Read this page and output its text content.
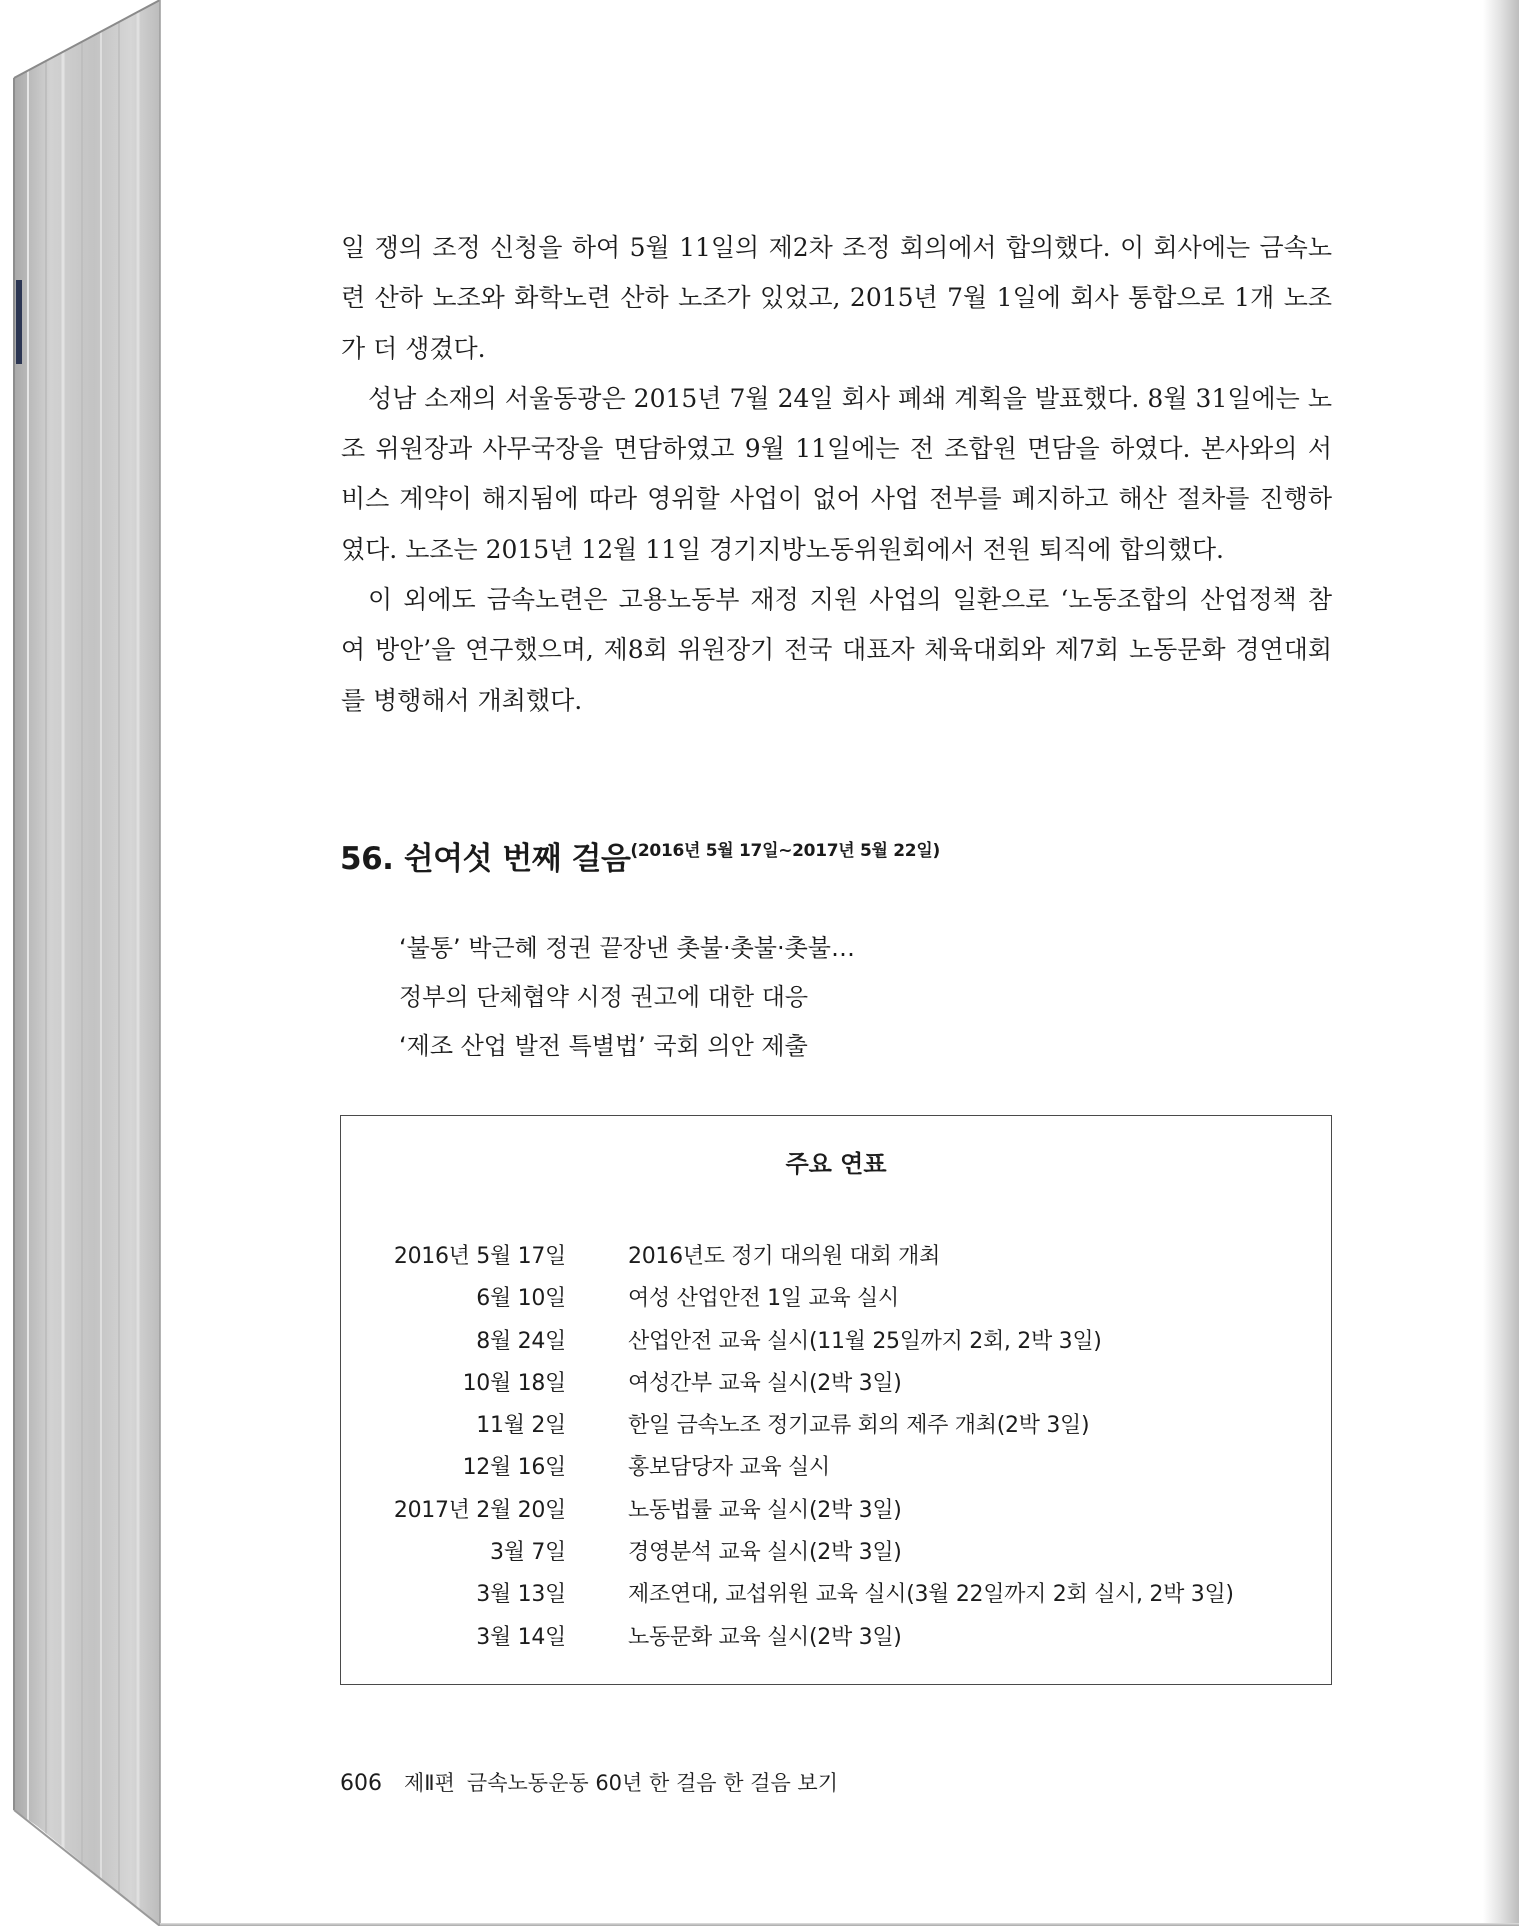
일 쟁의 조정 신청을 하여 5월 11일의 제2차 조정 회의에서 합의했다. 이 회사에는 금속노
련 산하 노조와 화학노련 산하 노조가 있었고, 2015년 7월 1일에 회사 통합으로 1개 노조
가 더 생겼다.
성남 소재의 서울동광은 2015년 7월 24일 회사 폐쇄 계획을 발표했다. 8월 31일에는 노
조 위원장과 사무국장을 면담하였고 9월 11일에는 전 조합원 면담을 하였다. 본사와의 서
비스 계약이 해지됨에 따라 영위할 사업이 없어 사업 전부를 폐지하고 해산 절차를 진행하
였다. 노조는 2015년 12월 11일 경기지방노동위원회에서 전원 퇴직에 합의했다.
이 외에도 금속노련은 고용노동부 재정 지원 사업의 일환으로 ‘노동조합의 산업정책 참
여 방안’을 연구했으며, 제8회 위원장기 전국 대표자 체육대회와 제7회 노동문화 경연대회
를 병행해서 개최했다.
56. 쉰여섯 번째 걸음(2016년 5월 17일~2017년 5월 22일)
‘불통’ 박근혜 정권 끝장낸 촛불·촛불·촛불…
정부의 단체협약 시정 권고에 대한 대응
‘제조 산업 발전 특별법’ 국회 의안 제출
주요 연표
2016년 5월 17일	2016년도 정기 대의원 대회 개최
6월 10일	여성 산업안전 1일 교육 실시
8월 24일	산업안전 교육 실시(11월 25일까지 2회, 2박 3일)
10월 18일	여성간부 교육 실시(2박 3일)
11월 2일	한일 금속노조 정기교류 회의 제주 개최(2박 3일)
12월 16일	홍보담당자 교육 실시
2017년 2월 20일	노동법률 교육 실시(2박 3일)
3월 7일	경영분석 교육 실시(2박 3일)
3월 13일	제조연대, 교섭위원 교육 실시(3월 22일까지 2회 실시, 2박 3일)
3월 14일	노동문화 교육 실시(2박 3일)
606 제Ⅱ편 금속노동운동 60년 한 걸음 한 걸음 보기
